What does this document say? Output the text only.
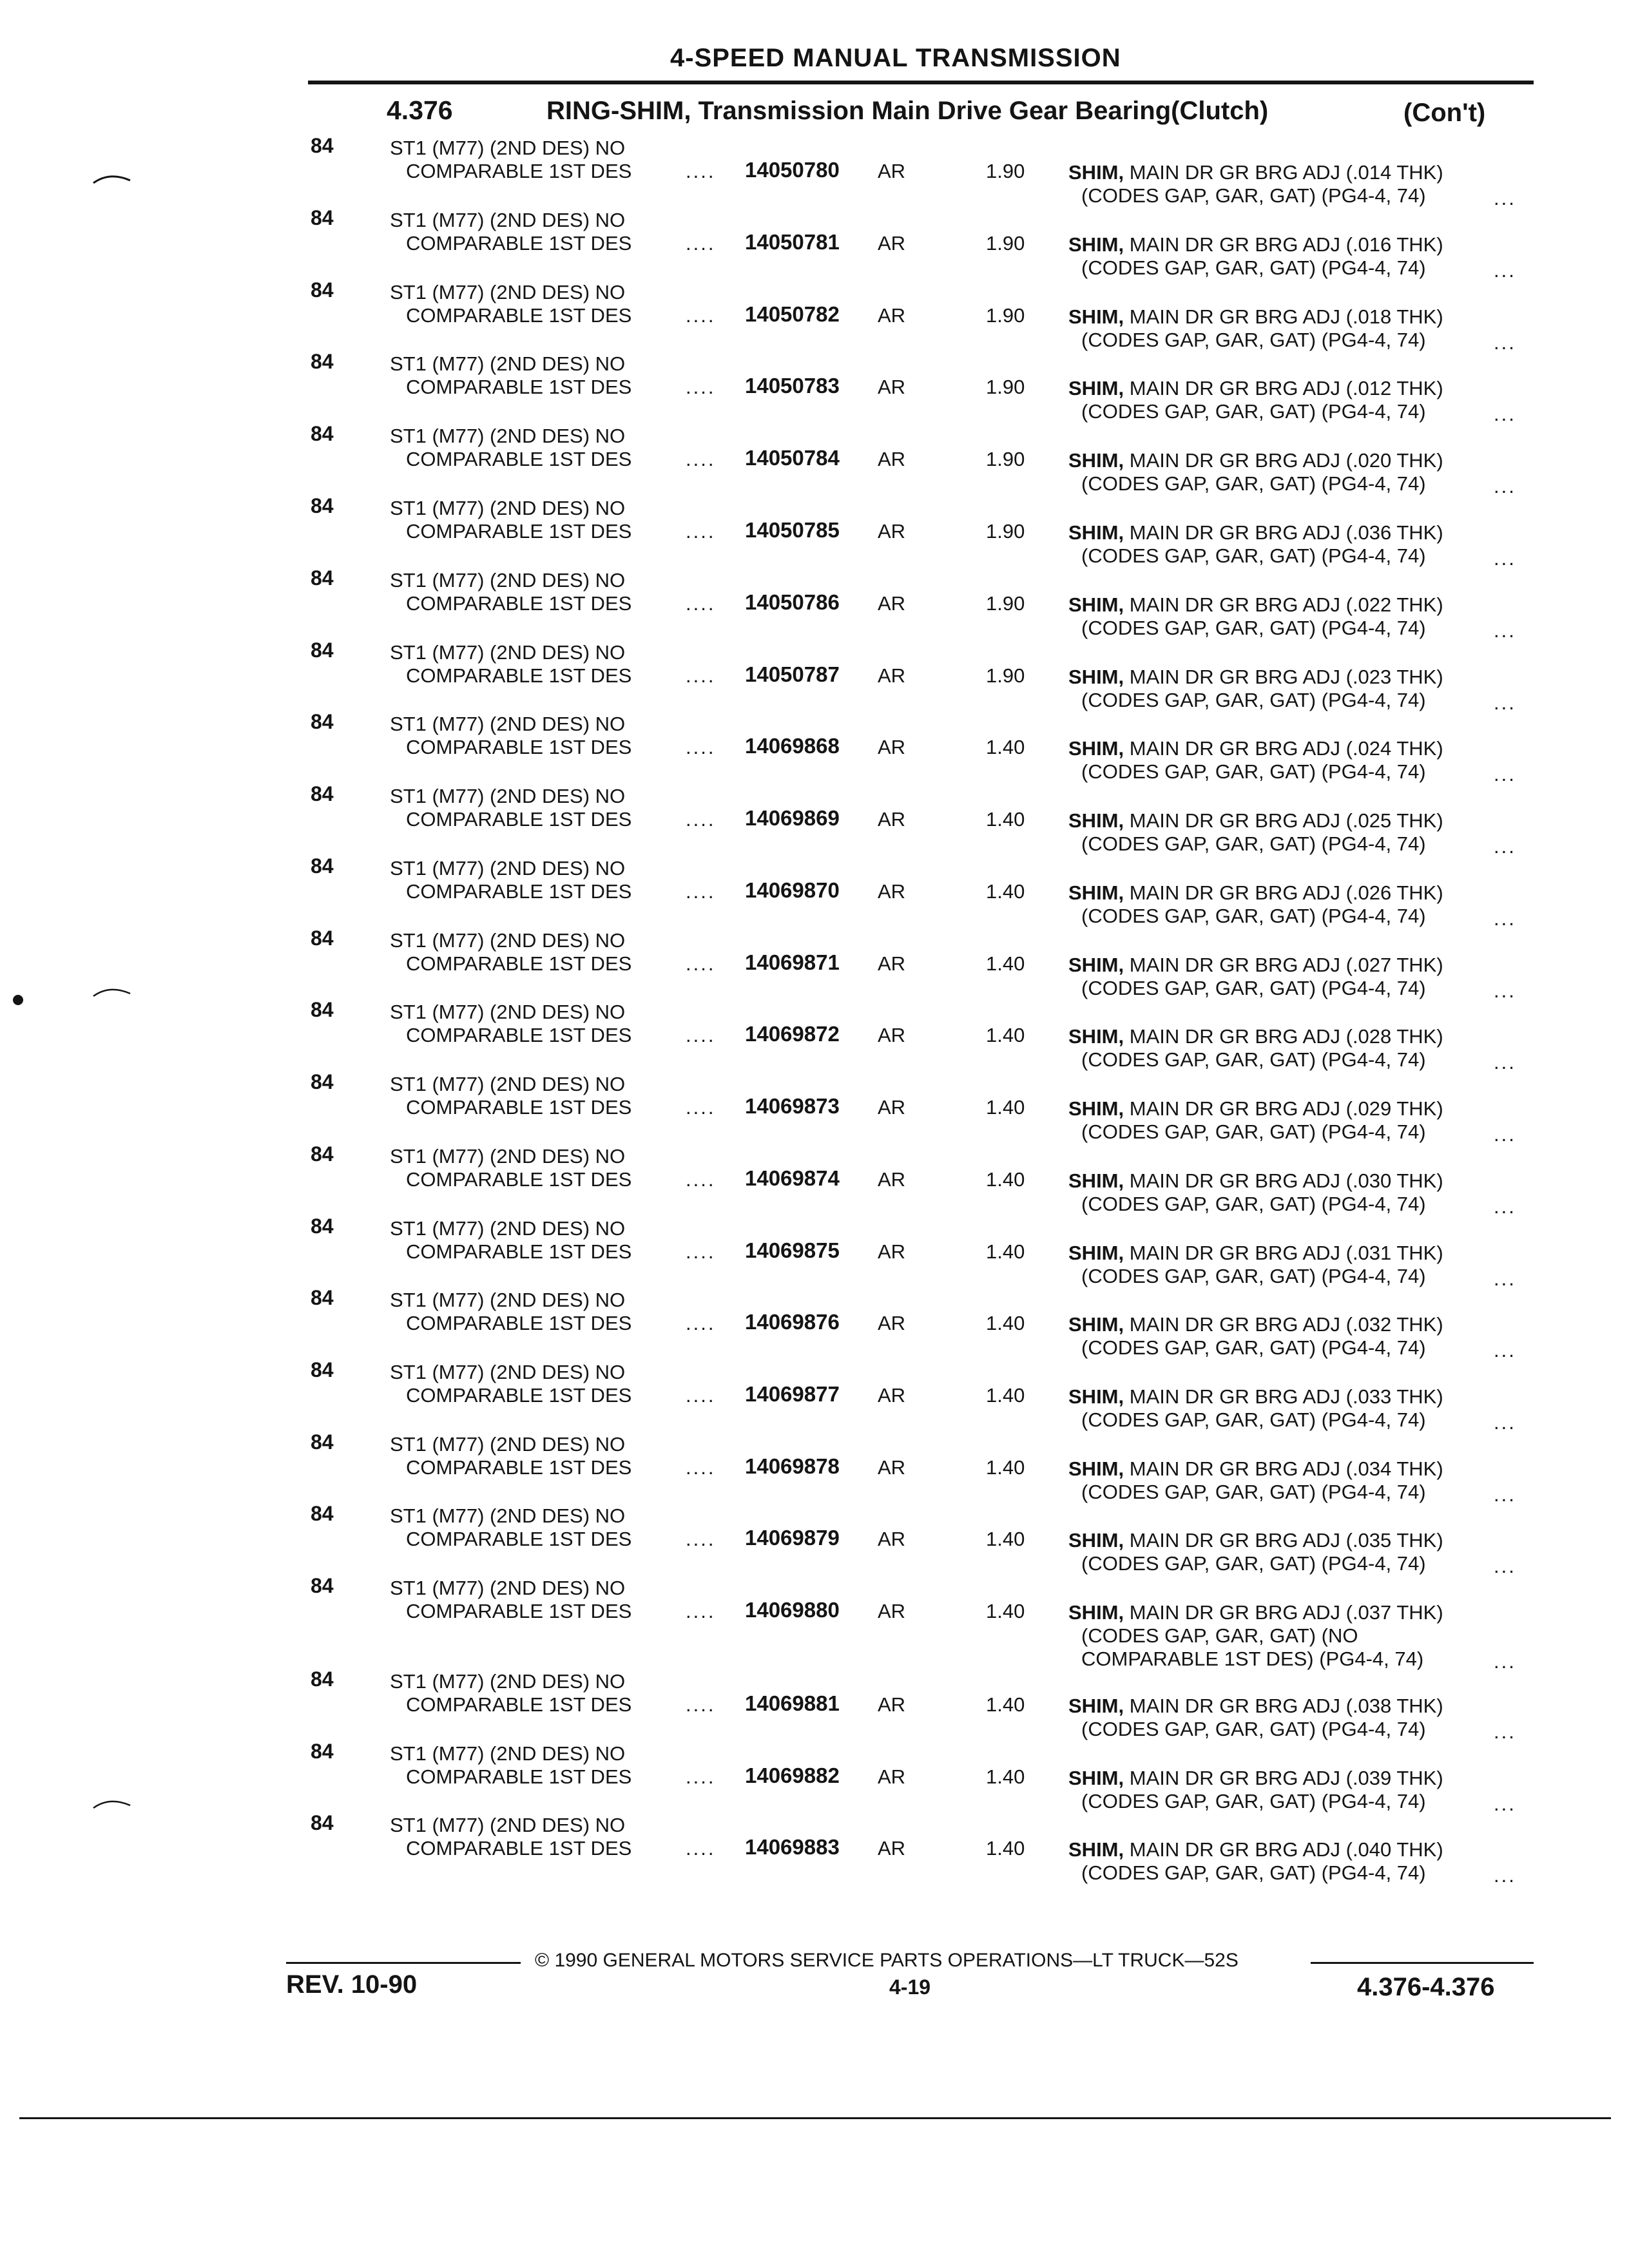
4-SPEED MANUAL TRANSMISSION
4.376	RING-SHIM, Transmission Main Drive Gear Bearing(Clutch)	(Con't)
84	ST1 (M77) (2ND DES) NO
COMPARABLE 1ST DES	.... 14050780 AR	1.90 SHIM, MAIN DR GR BRG ADJ (.014 THK)
(CODES GAP, GAR, GAT) (PG4-4, 74)	...
84	ST1 (M77) (2ND DES) NO
COMPARABLE 1ST DES	.... 14050781 AR	1.90 SHIM, MAIN DR GR BRG ADJ (.016 THK)
(CODES GAP, GAR, GAT) (PG4-4, 74)	...
84	ST1 (M77) (2ND DES) NO
COMPARABLE 1ST DES	.... 14050782 AR	1.90 SHIM, MAIN DR GR BRG ADJ (.018 THK)
(CODES GAP, GAR, GAT) (PG4-4, 74)	...
84	ST1 (M77) (2ND DES) NO
COMPARABLE 1ST DES	.... 14050783 AR	1.90 SHIM, MAIN DR GR BRG ADJ (.012 THK)
(CODES GAP, GAR, GAT) (PG4-4, 74)	...
84	ST1 (M77) (2ND DES) NO
COMPARABLE 1ST DES	.... 14050784 AR	1.90 SHIM, MAIN DR GR BRG ADJ (.020 THK)
(CODES GAP, GAR, GAT) (PG4-4, 74)	...
84	ST1 (M77) (2ND DES) NO
COMPARABLE 1ST DES	.... 14050785 AR	1.90 SHIM, MAIN DR GR BRG ADJ (.036 THK)
(CODES GAP, GAR, GAT) (PG4-4, 74)	...
84	ST1 (M77) (2ND DES) NO
COMPARABLE 1ST DES	.... 14050786 AR	1.90 SHIM, MAIN DR GR BRG ADJ (.022 THK)
(CODES GAP, GAR, GAT) (PG4-4, 74)	...
84	ST1 (M77) (2ND DES) NO
COMPARABLE 1ST DES	.... 14050787 AR	1.90 SHIM, MAIN DR GR BRG ADJ (.023 THK)
(CODES GAP, GAR, GAT) (PG4-4, 74)	...
84	ST1 (M77) (2ND DES) NO
COMPARABLE 1ST DES	.... 14069868 AR	1.40 SHIM, MAIN DR GR BRG ADJ (.024 THK)
(CODES GAP, GAR, GAT) (PG4-4, 74)	...
84	ST1 (M77) (2ND DES) NO
COMPARABLE 1ST DES	.... 14069869 AR	1.40 SHIM, MAIN DR GR BRG ADJ (.025 THK)
(CODES GAP, GAR, GAT) (PG4-4, 74)	...
84	ST1 (M77) (2ND DES) NO
COMPARABLE 1ST DES	.... 14069870 AR	1.40 SHIM, MAIN DR GR BRG ADJ (.026 THK)
(CODES GAP, GAR, GAT) (PG4-4, 74)	...
84	ST1 (M77) (2ND DES) NO
COMPARABLE 1ST DES	.... 14069871 AR	1.40 SHIM, MAIN DR GR BRG ADJ (.027 THK)
(CODES GAP, GAR, GAT) (PG4-4, 74)	...
84	ST1 (M77) (2ND DES) NO
COMPARABLE 1ST DES	.... 14069872 AR	1.40 SHIM, MAIN DR GR BRG ADJ (.028 THK)
(CODES GAP, GAR, GAT) (PG4-4, 74)	...
84	ST1 (M77) (2ND DES) NO
COMPARABLE 1ST DES	.... 14069873 AR	1.40 SHIM, MAIN DR GR BRG ADJ (.029 THK)
(CODES GAP, GAR, GAT) (PG4-4, 74)	...
84	ST1 (M77) (2ND DES) NO
COMPARABLE 1ST DES	.... 14069874 AR	1.40 SHIM, MAIN DR GR BRG ADJ (.030 THK)
(CODES GAP, GAR, GAT) (PG4-4, 74)	...
84	ST1 (M77) (2ND DES) NO
COMPARABLE 1ST DES	.... 14069875 AR	1.40 SHIM, MAIN DR GR BRG ADJ (.031 THK)
(CODES GAP, GAR, GAT) (PG4-4, 74)	...
84	ST1 (M77) (2ND DES) NO
COMPARABLE 1ST DES	.... 14069876 AR	1.40 SHIM, MAIN DR GR BRG ADJ (.032 THK)
(CODES GAP, GAR, GAT) (PG4-4, 74)	...
84	ST1 (M77) (2ND DES) NO
COMPARABLE 1ST DES	.... 14069877 AR	1.40 SHIM, MAIN DR GR BRG ADJ (.033 THK)
(CODES GAP, GAR, GAT) (PG4-4, 74)	...
84	ST1 (M77) (2ND DES) NO
COMPARABLE 1ST DES	.... 14069878 AR	1.40 SHIM, MAIN DR GR BRG ADJ (.034 THK)
(CODES GAP, GAR, GAT) (PG4-4, 74)	...
84	ST1 (M77) (2ND DES) NO
COMPARABLE 1ST DES	.... 14069879 AR	1.40 SHIM, MAIN DR GR BRG ADJ (.035 THK)
(CODES GAP, GAR, GAT) (PG4-4, 74)	...
84	ST1 (M77) (2ND DES) NO
COMPARABLE 1ST DES	.... 14069880 AR	1.40 SHIM, MAIN DR GR BRG ADJ (.037 THK)
(CODES GAP, GAR, GAT) (NO
COMPARABLE 1ST DES) (PG4-4, 74)	...
84	ST1 (M77) (2ND DES) NO
COMPARABLE 1ST DES	.... 14069881 AR	1.40 SHIM, MAIN DR GR BRG ADJ (.038 THK)
(CODES GAP, GAR, GAT) (PG4-4, 74)	...
84	ST1 (M77) (2ND DES) NO
COMPARABLE 1ST DES	.... 14069882 AR	1.40 SHIM, MAIN DR GR BRG ADJ (.039 THK)
(CODES GAP, GAR, GAT) (PG4-4, 74)	...
84	ST1 (M77) (2ND DES) NO
COMPARABLE 1ST DES	.... 14069883 AR	1.40 SHIM, MAIN DR GR BRG ADJ (.040 THK)
(CODES GAP, GAR, GAT) (PG4-4, 74)	...
© 1990 GENERAL MOTORS SERVICE PARTS OPERATIONS—LT TRUCK—52S
REV. 10-90	4-19	4.376-4.376
